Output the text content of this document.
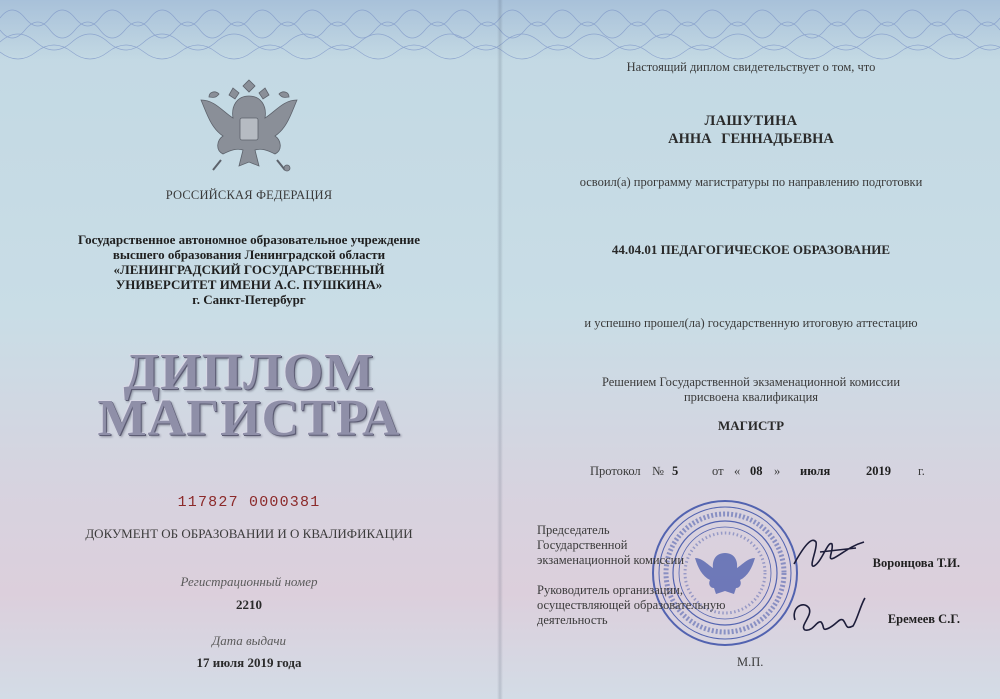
РОССИЙСКАЯ ФЕДЕРАЦИЯ
Государственное автономное образовательное учреждение
высшего образования Ленинградской области
«ЛЕНИНГРАДСКИЙ ГОСУДАРСТВЕННЫЙ
УНИВЕРСИТЕТ ИМЕНИ А.С. ПУШКИНА»
г. Санкт-Петербург
ДИПЛОМ
МАГИСТРА
117827 0000381
ДОКУМЕНТ ОБ ОБРАЗОВАНИИ И О КВАЛИФИКАЦИИ
Регистрационный номер
2210
Дата выдачи
17 июля 2019 года
Настоящий диплом свидетельствует о том, что
ЛАШУТИНА
АННА ГЕННАДЬЕВНА
освоил(а) программу магистратуры по направлению подготовки
44.04.01 ПЕДАГОГИЧЕСКОЕ ОБРАЗОВАНИЕ
и успешно прошел(ла) государственную итоговую аттестацию
Решением Государственной экзаменационной комиссии
присвоена квалификация
МАГИСТР
Протокол № 5	от « 08 » июля	2019 г.
Председатель
Государственной
экзаменационной комиссии	Воронцова Т.И.
Руководитель организации,
осуществляющей образовательную
деятельность	Еремеев С.Г.
М.П.
